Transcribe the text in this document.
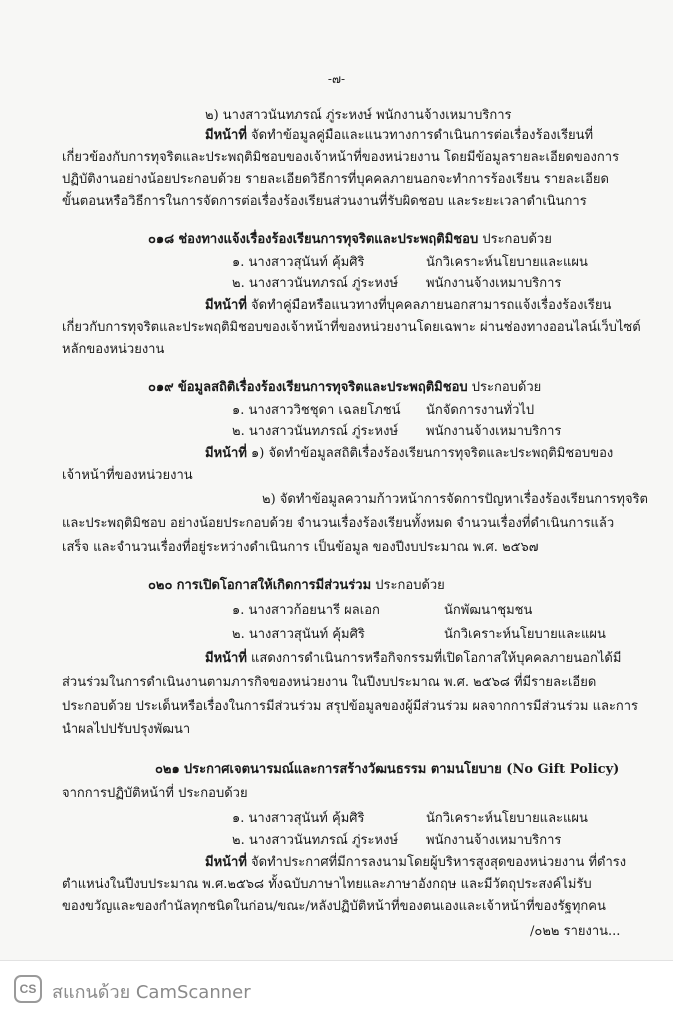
-๗-
๒) นางสาวนันทภรณ์ ภู่ระหงษ์ พนักงานจ้างเหมาบริการ
มีหน้าที่ จัดทำข้อมูลคู่มือและแนวทางการดำเนินการต่อเรื่องร้องเรียนที่
เกี่ยวข้องกับการทุจริตและประพฤติมิชอบของเจ้าหน้าที่ของหน่วยงาน โดยมีข้อมูลรายละเอียดของการ
ปฏิบัติงานอย่างน้อยประกอบด้วย รายละเอียดวิธีการที่บุคคลภายนอกจะทำการร้องเรียน รายละเอียด
ขั้นตอนหรือวิธีการในการจัดการต่อเรื่องร้องเรียนส่วนงานที่รับผิดชอบ และระยะเวลาดำเนินการ
๐๑๘ ช่องทางแจ้งเรื่องร้องเรียนการทุจริตและประพฤติมิชอบ ประกอบด้วย
๑. นางสาวสุนันท์ คุ้มศิริ	นักวิเคราะห์นโยบายและแผน
๒. นางสาวนันทภรณ์ ภู่ระหงษ์ พนักงานจ้างเหมาบริการ
มีหน้าที่ จัดทำคู่มือหรือแนวทางที่บุคคลภายนอกสามารถแจ้งเรื่องร้องเรียน
เกี่ยวกับการทุจริตและประพฤติมิชอบของเจ้าหน้าที่ของหน่วยงานโดยเฉพาะ ผ่านช่องทางออนไลน์เว็บไซต์
หลักของหน่วยงาน
๐๑๙ ข้อมูลสถิติเรื่องร้องเรียนการทุจริตและประพฤติมิชอบ ประกอบด้วย
๑. นางสาววิชชุดา เฉลยโภชน์ นักจัดการงานทั่วไป
๒. นางสาวนันทภรณ์ ภู่ระหงษ์ พนักงานจ้างเหมาบริการ
มีหน้าที่ ๑) จัดทำข้อมูลสถิติเรื่องร้องเรียนการทุจริตและประพฤติมิชอบของ
เจ้าหน้าที่ของหน่วยงาน
๒) จัดทำข้อมูลความก้าวหน้าการจัดการปัญหาเรื่องร้องเรียนการทุจริต
และประพฤติมิชอบ อย่างน้อยประกอบด้วย จำนวนเรื่องร้องเรียนทั้งหมด จำนวนเรื่องที่ดำเนินการแล้ว
เสร็จ และจำนวนเรื่องที่อยู่ระหว่างดำเนินการ เป็นข้อมูล ของปีงบประมาณ พ.ศ. ๒๕๖๗
๐๒๐ การเปิดโอกาสให้เกิดการมีส่วนร่วม ประกอบด้วย
๑. นางสาวก้อยนารี ผลเอก	นักพัฒนาชุมชน
๒. นางสาวสุนันท์ คุ้มศิริ	นักวิเคราะห์นโยบายและแผน
มีหน้าที่ แสดงการดำเนินการหรือกิจกรรมที่เปิดโอกาสให้บุคคลภายนอกได้มี
ส่วนร่วมในการดำเนินงานตามภารกิจของหน่วยงาน ในปีงบประมาณ พ.ศ. ๒๕๖๘ ที่มีรายละเอียด
ประกอบด้วย ประเด็นหรือเรื่องในการมีส่วนร่วม สรุปข้อมูลของผู้มีส่วนร่วม ผลจากการมีส่วนร่วม และการ
นำผลไปปรับปรุงพัฒนา
๐๒๑ ประกาศเจตนารมณ์และการสร้างวัฒนธรรม ตามนโยบาย (No Gift Policy)
จากการปฏิบัติหน้าที่ ประกอบด้วย
๑. นางสาวสุนันท์ คุ้มศิริ	นักวิเคราะห์นโยบายและแผน
๒. นางสาวนันทภรณ์ ภู่ระหงษ์ พนักงานจ้างเหมาบริการ
มีหน้าที่ จัดทำประกาศที่มีการลงนามโดยผู้บริหารสูงสุดของหน่วยงาน ที่ดำรง
ตำแหน่งในปีงบประมาณ พ.ศ.๒๕๖๘ ทั้งฉบับภาษาไทยและภาษาอังกฤษ และมีวัตถุประสงค์ไม่รับ
ของขวัญและของกำนัลทุกชนิดในก่อน/ขณะ/หลังปฏิบัติหน้าที่ของตนเองและเจ้าหน้าที่ของรัฐทุกคน
/๐๒๒ รายงาน...
CS สแกนด้วย CamScanner
